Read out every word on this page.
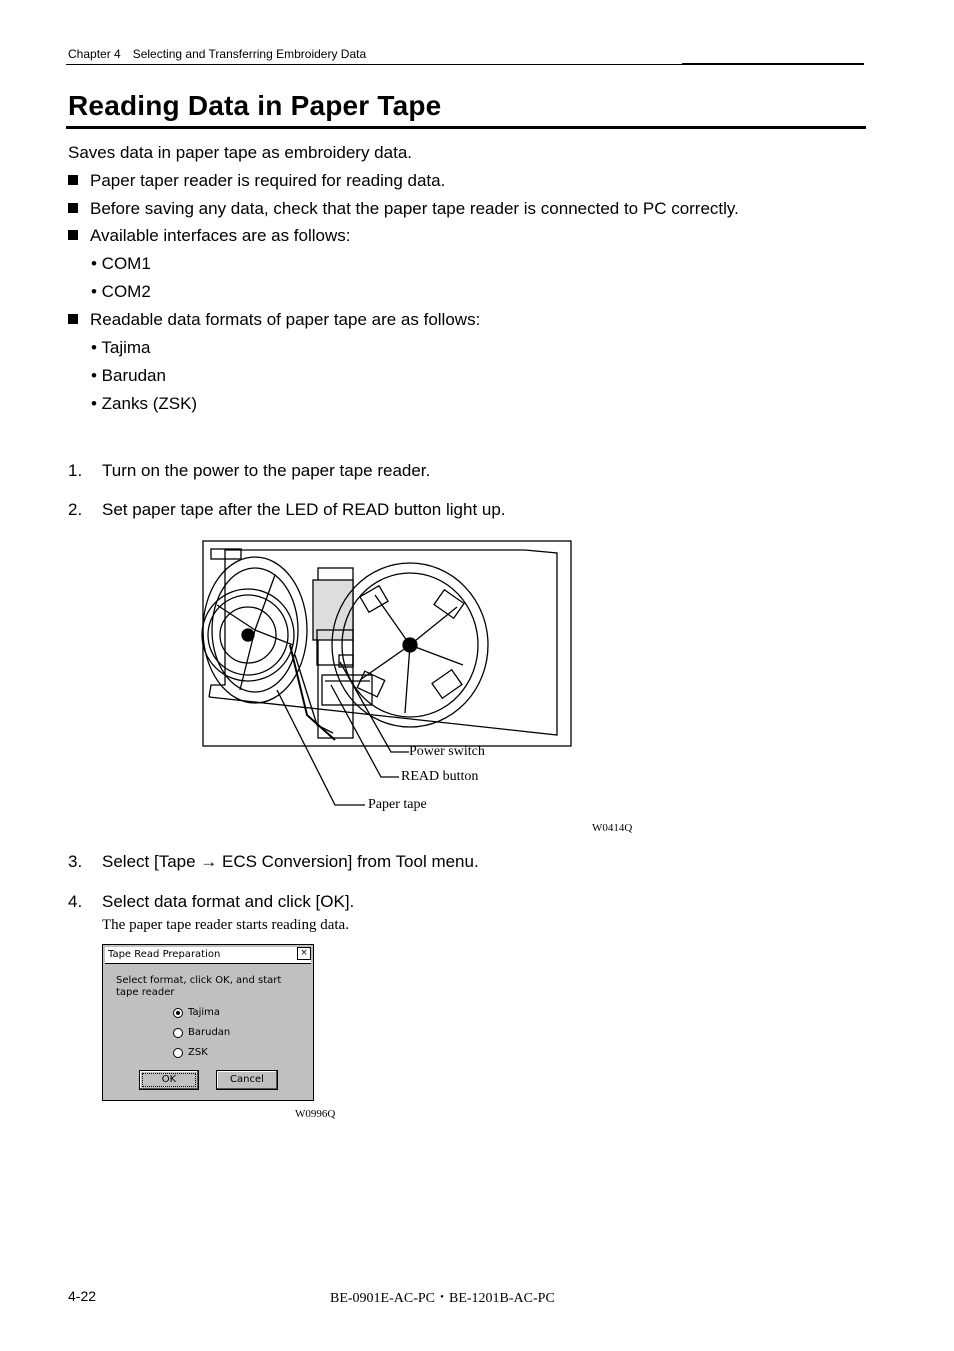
Chapter 4　Selecting and Transferring Embroidery Data
Reading Data in Paper Tape
Saves data in paper tape as embroidery data.
Paper taper reader is required for reading data.
Before saving any data, check that the paper tape reader is connected to PC correctly.
Available interfaces are as follows:
• COM1
• COM2
Readable data formats of paper tape are as follows:
• Tajima
• Barudan
• Zanks (ZSK)
1. Turn on the power to the paper tape reader.
2. Set paper tape after the LED of READ button light up.
Power switch
READ button
Paper tape
W0414Q
3. Select [Tape → ECS Conversion] from Tool menu.
4. Select data format and click [OK].
The paper tape reader starts reading data.
Tape Read Preparation	×
Select format, click OK, and start tape reader
Tajima
Barudan
ZSK
OK	Cancel
W0996Q
4-22	BE-0901E-AC-PC・BE-1201B-AC-PC
